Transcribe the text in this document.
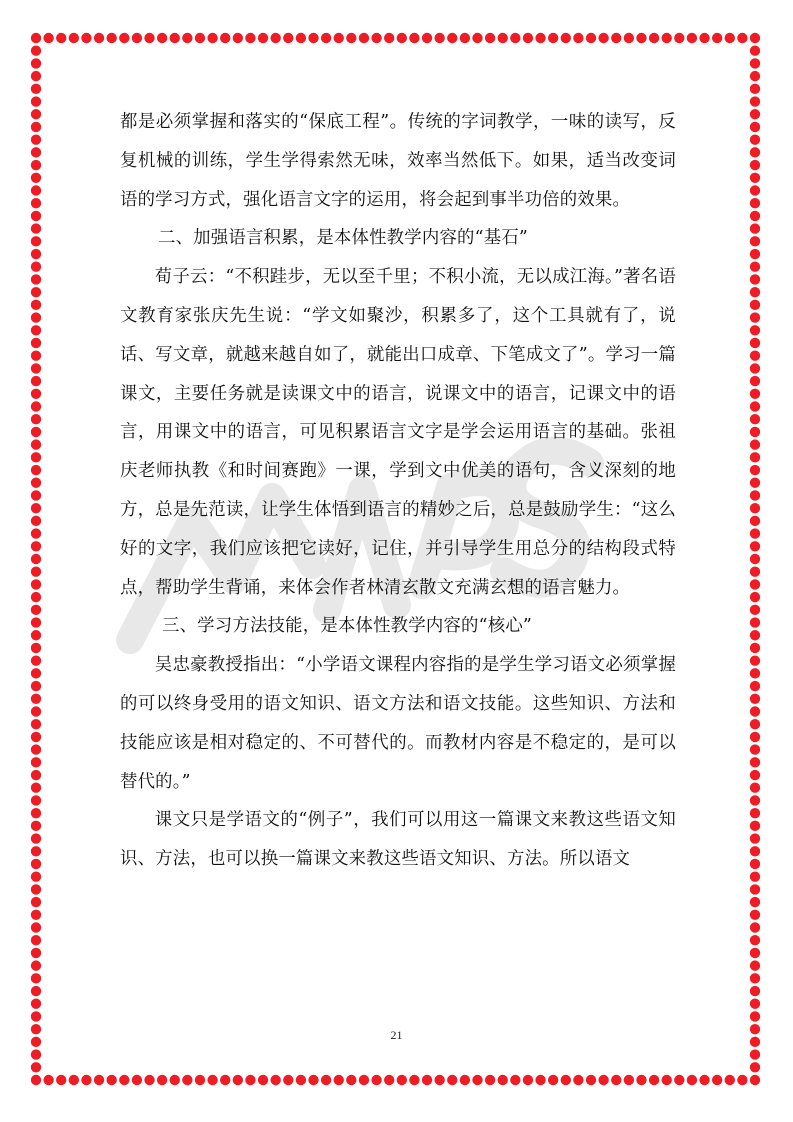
都是必须掌握和落实的“保底工程”。传统的字词教学，一味的读写，反复机械的训练，学生学得索然无味，效率当然低下。如果，适当改变词语的学习方式，强化语言文字的运用，将会起到事半功倍的效果。

二、加强语言积累，是本体性教学内容的“基石”

荀子云：“不积跬步，无以至千里；不积小流，无以成江海。”著名语文教育家张庆先生说：“学文如聚沙，积累多了，这个工具就有了，说话、写文章，就越来越自如了，就能出口成章、下笔成文了”。学习一篇课文，主要任务就是读课文中的语言，说课文中的语言，记课文中的语言，用课文中的语言，可见积累语言文字是学会运用语言的基础。张祖庆老师执教《和时间赛跑》一课，学到文中优美的语句，含义深刻的地方，总是先范读，让学生体悟到语言的精妙之后，总是鼓励学生：“这么好的文字，我们应该把它读好，记住，并引导学生用总分的结构段式特点，帮助学生背诵，来体会作者林清玄散文充满玄想的语言魅力。

三、学习方法技能，是本体性教学内容的“核心”

吴忠豪教授指出：“小学语文课程内容指的是学生学习语文必须掌握的可以终身受用的语文知识、语文方法和语文技能。这些知识、方法和技能应该是相对稳定的、不可替代的。而教材内容是不稳定的，是可以替代的。”

课文只是学语文的“例子”，我们可以用这一篇课文来教这些语文知识、方法，也可以换一篇课文来教这些语文知识、方法。所以语文

21
